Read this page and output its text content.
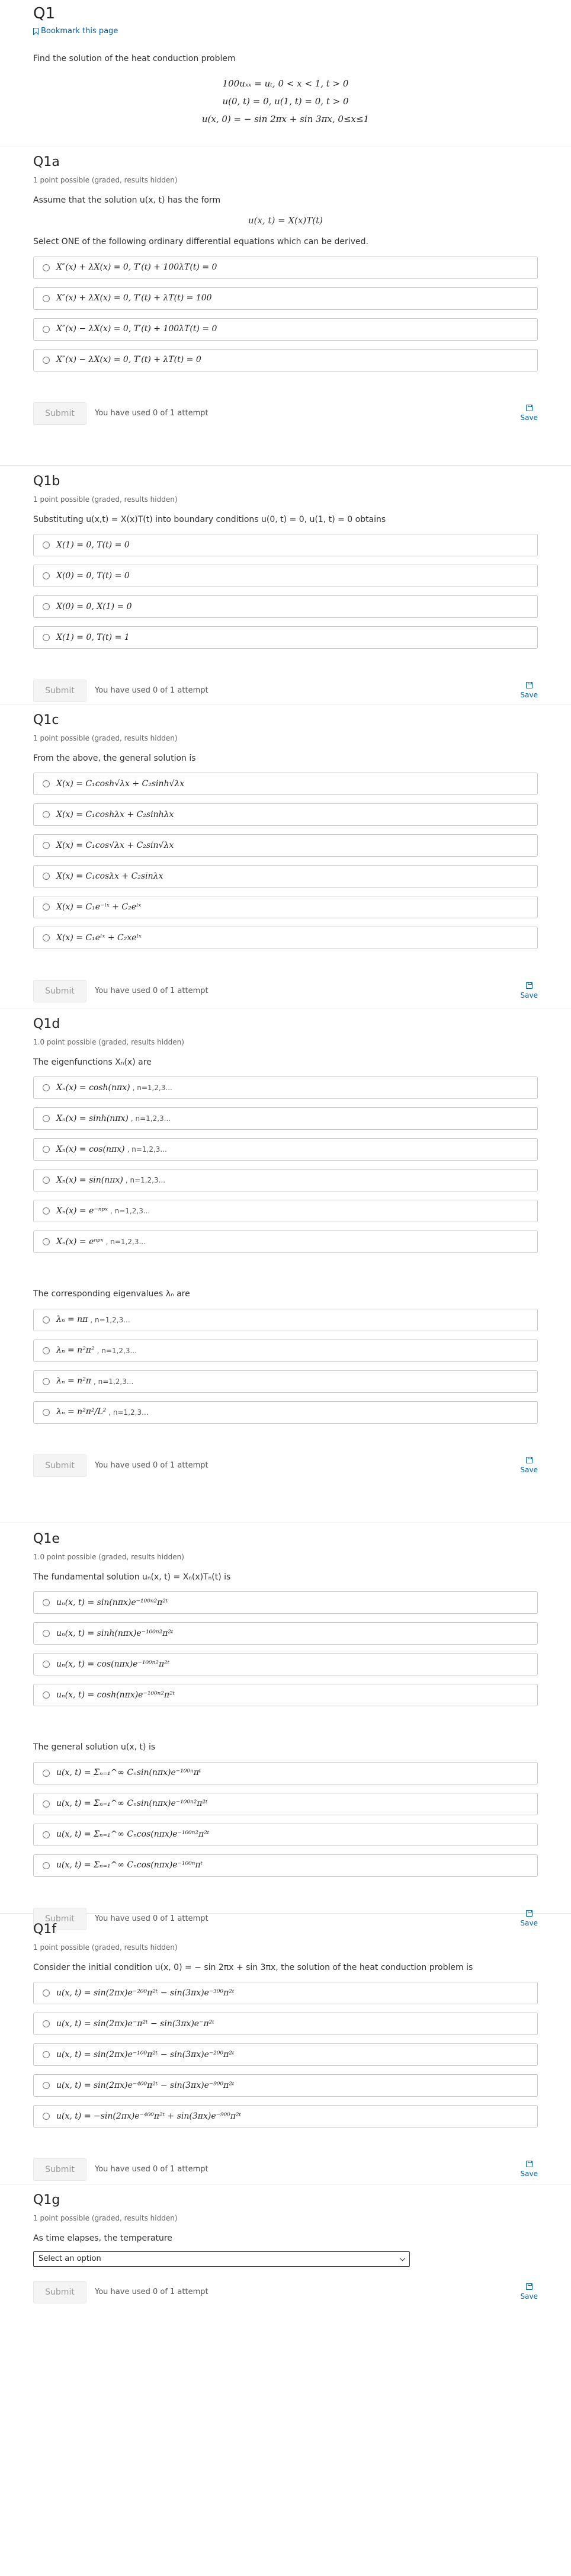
Q1
Bookmark this page

Find the solution of the heat conduction problem

100uₓₓ = uₜ, 0 < x < 1, t > 0
u(0, t) = 0, u(1, t) = 0, t > 0
u(x, 0) = − sin 2πx + sin 3πx, 0≤x≤1
Q1a
1 point possible (graded, results hidden)
Assume that the solution u(x, t) has the form
u(x, t) = X(x)T(t)
Select ONE of the following ordinary differential equations which can be derived.
X″(x) + λX(x) = 0, T′(t) + 100λT(t) = 0
X″(x) + λX(x) = 0, T′(t) + λT(t) = 100
X″(x) − λX(x) = 0, T′(t) + 100λT(t) = 0
X″(x) − λX(x) = 0, T′(t) + λT(t) = 0
Submit	You have used 0 of 1 attempt	Save
Q1b
1 point possible (graded, results hidden)
Substituting u(x,t) = X(x)T(t) into boundary conditions u(0, t) = 0, u(1, t) = 0 obtains
X(1) = 0, T(t) = 0
X(0) = 0, T(t) = 0
X(0) = 0, X(1) = 0
X(1) = 0, T(t) = 1
Submit	You have used 0 of 1 attempt	Save
Q1c
1 point possible (graded, results hidden)
From the above, the general solution is
X(x) = C₁cosh√λx + C₂sinh√λx
X(x) = C₁coshλx + C₂sinhλx
X(x) = C₁cos√λx + C₂sin√λx
X(x) = C₁cosλx + C₂sinλx
X(x) = C₁e⁻ˡˣ + C₂eˡˣ
X(x) = C₁eˡˣ + C₂xeˡˣ
Submit	You have used 0 of 1 attempt	Save
Q1d
1.0 point possible (graded, results hidden)
The eigenfunctions Xₙ(x) are
Xₙ(x) = cosh(nπx) , n=1,2,3...
Xₙ(x) = sinh(nπx) , n=1,2,3...
Xₙ(x) = cos(nπx) , n=1,2,3...
Xₙ(x) = sin(nπx) , n=1,2,3...
Xₙ(x) = e⁻ⁿᵖˣ , n=1,2,3...
Xₙ(x) = eⁿᵖˣ , n=1,2,3...
The corresponding eigenvalues λₙ are
λₙ = nπ , n=1,2,3...
λₙ = n²π² , n=1,2,3...
λₙ = n²π , n=1,2,3...
λₙ = n²π²/L² , n=1,2,3...
Submit	You have used 0 of 1 attempt	Save
Q1e
1.0 point possible (graded, results hidden)
The fundamental solution uₙ(x, t) = Xₙ(x)Tₙ(t) is
uₙ(x, t) = sin(nπx)e⁻¹⁰⁰ⁿ²π²ᵗ
uₙ(x, t) = sinh(nπx)e⁻¹⁰⁰ⁿ²π²ᵗ
uₙ(x, t) = cos(nπx)e⁻¹⁰⁰ⁿ²π²ᵗ
uₙ(x, t) = cosh(nπx)e⁻¹⁰⁰ⁿ²π²ᵗ
The general solution u(x, t) is
u(x, t) = Σₙ₌₁^∞ Cₙsin(nπx)e⁻¹⁰⁰ⁿπᵗ
u(x, t) = Σₙ₌₁^∞ Cₙsin(nπx)e⁻¹⁰⁰ⁿ²π²ᵗ
u(x, t) = Σₙ₌₁^∞ Cₙcos(nπx)e⁻¹⁰⁰ⁿ²π²ᵗ
u(x, t) = Σₙ₌₁^∞ Cₙcos(nπx)e⁻¹⁰⁰ⁿπᵗ
Submit	You have used 0 of 1 attempt	Save
Q1f
1 point possible (graded, results hidden)
Consider the initial condition u(x, 0) = − sin 2πx + sin 3πx, the solution of the heat conduction problem is
u(x, t) = sin(2πx)e⁻²⁰⁰π²ᵗ − sin(3πx)e⁻³⁰⁰π²ᵗ
u(x, t) = sin(2πx)e⁻π²ᵗ − sin(3πx)e⁻π²ᵗ
u(x, t) = sin(2πx)e⁻¹⁰⁰π²ᵗ − sin(3πx)e⁻²⁰⁰π²ᵗ
u(x, t) = sin(2πx)e⁻⁴⁰⁰π²ᵗ − sin(3πx)e⁻⁹⁰⁰π²ᵗ
u(x, t) = −sin(2πx)e⁻⁴⁰⁰π²ᵗ + sin(3πx)e⁻⁹⁰⁰π²ᵗ
Submit	You have used 0 of 1 attempt	Save
Q1g
1 point possible (graded, results hidden)
As time elapses, the temperature
Select an option
Submit	You have used 0 of 1 attempt	Save
